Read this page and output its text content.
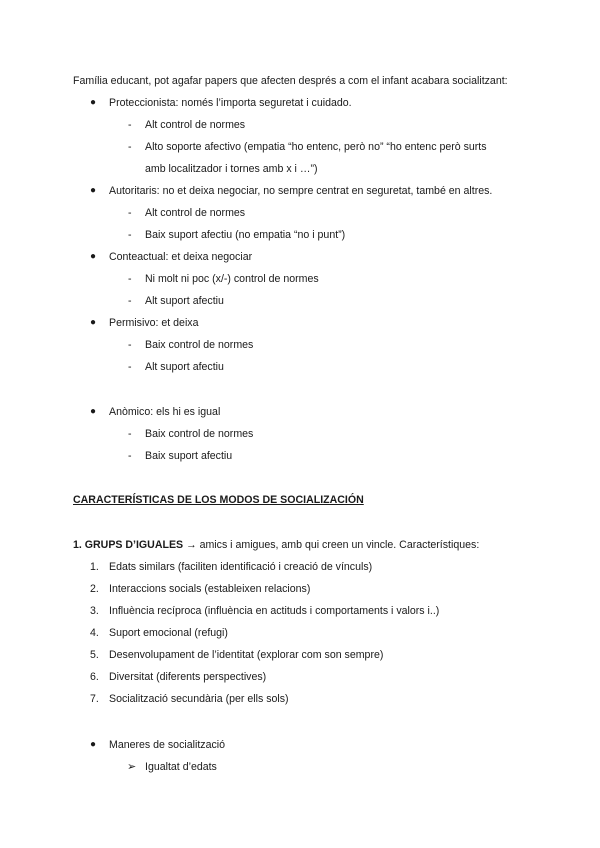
Família educant, pot agafar papers que afecten després a com el infant acabara socialitzant:
● Proteccionista: només l’importa seguretat i cuidado.
- Alt control de normes
- Alto soporte afectivo (empatia “ho entenc, però no” “ho entenc però surts
amb localitzador i tornes amb x i …”)
● Autoritaris: no et deixa negociar, no sempre centrat en seguretat, també en altres.
- Alt control de normes
- Baix suport afectiu (no empatia “no i punt”)
● Conteactual: et deixa negociar
- Ni molt ni poc (x/-) control de normes
- Alt suport afectiu
● Permisivo: et deixa
- Baix control de normes
- Alt suport afectiu
● Anòmico: els hi es igual
- Baix control de normes
- Baix suport afectiu
CARACTERÍSTICAS DE LOS MODOS DE SOCIALIZACIÓN
1. GRUPS D’IGUALES → amics i amigues, amb qui creen un vincle. Característiques:
1. Edats similars (faciliten identificació i creació de vínculs)
2. Interaccions socials (estableixen relacions)
3. Influència recíproca (influència en actituds i comportaments i valors i..)
4. Suport emocional (refugi)
5. Desenvolupament de l’identitat (explorar com son sempre)
6. Diversitat (diferents perspectives)
7. Socialització secundària (per ells sols)
● Maneres de socialització
➢ Igualtat d’edats
